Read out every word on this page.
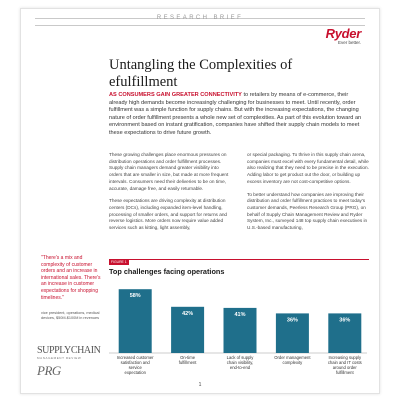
RESEARCH BRIEF
Ryder
Ever better.
Untangling the Complexities of efulfillment
AS CONSUMERS GAIN GREATER CONNECTIVITY to retailers by means of e-commerce, their already high demands become increasingly challenging for businesses to meet. Until recently, order fulfillment was a simple function for supply chains. But with the increasing expectations, the changing nature of order fulfillment presents a whole new set of complexities. As part of this evolution toward an environment based on instant gratification, companies have shifted their supply chain models to meet these expectations to drive future growth.

These growing challenges place enormous pressures on distribution operations and order fulfillment processes. Supply chain managers demand greater visibility into orders that are smaller in size, but made at more frequent intervals. Consumers need their deliveries to be on time, accurate, damage free, and easily returnable.

These expectations are driving complexity at distribution centers (DCs), including expanded item-level handling, processing of smaller orders, and support for returns and reverse logistics. More orders now require value added services such as kitting, light assembly,

or special packaging. To thrive in this supply chain arena, companies must excel with every fundamental detail, while also realizing that they need to be precise in the execution. Adding labor to get product out the door, or building up excess inventory are not cost-competitive options.

To better understand how companies are improving their distribution and order fulfillment practices to meet today's customer demands, Peerless Research Group (PRG), on behalf of Supply Chain Management Review and Ryder System, Inc., surveyed 148 top supply chain executives in U.S.-based manufacturing,

"There's a mix and complexity of customer orders and an increase in international sales. There's an increase in customer expectations for shopping timelines."
vice president, operations, medical devices, $50M-$100M in revenues
SUPPLYCHAIN
MANAGEMENT REVIEW
PRG
FIGURE 1
Top challenges facing operations
58%
Increased customer satisfaction and service expectation
42%
On-time fulfillment
41%
Lack of supply chain visibility, end-to-end
36%
Order management complexity
36%
Increasing supply chain and IT costs around order fulfillment
1
